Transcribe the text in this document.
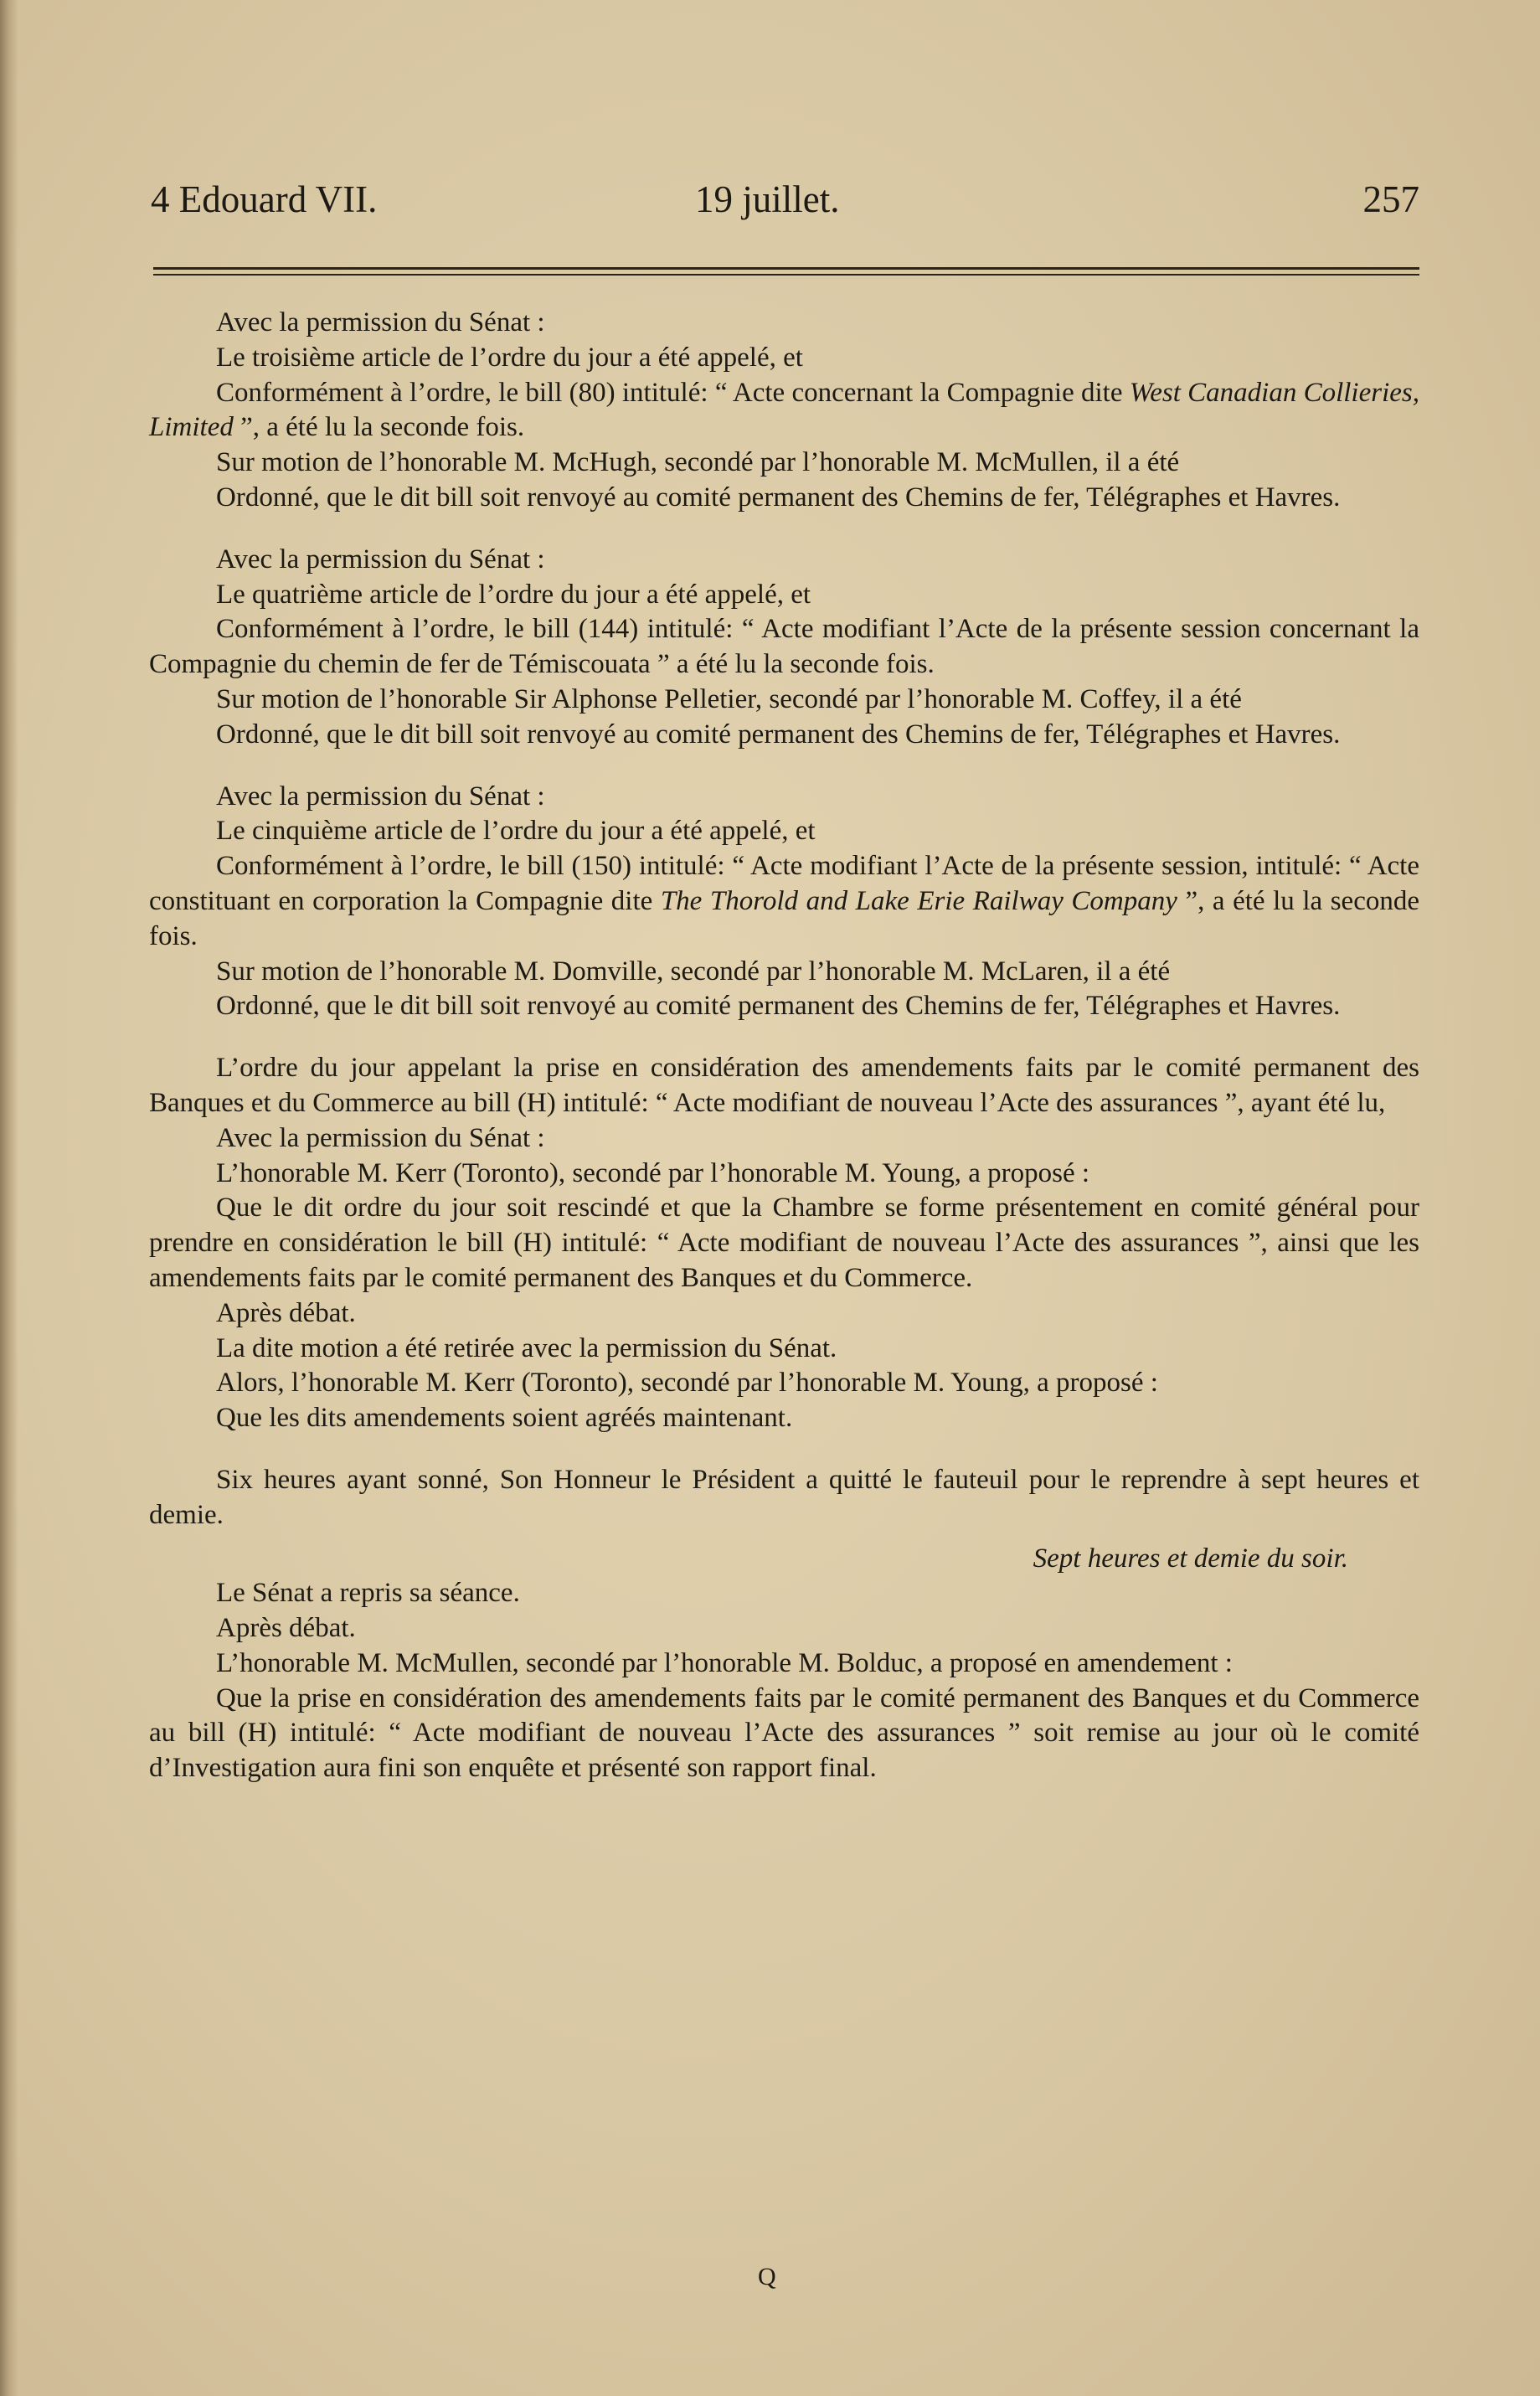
4 Edouard VII.	19 juillet.	257

Avec la permission du Sénat :

Le troisième article de l’ordre du jour a été appelé, et

Conformément à l’ordre, le bill (80) intitulé: “ Acte concernant la Compagnie dite West Canadian Collieries, Limited ”, a été lu la seconde fois.

Sur motion de l’honorable M. McHugh, secondé par l’honorable M. McMullen, il a été

Ordonné, que le dit bill soit renvoyé au comité permanent des Chemins de fer, Télégraphes et Havres.

Avec la permission du Sénat :

Le quatrième article de l’ordre du jour a été appelé, et

Conformément à l’ordre, le bill (144) intitulé: “ Acte modifiant l’Acte de la présente session concernant la Compagnie du chemin de fer de Témiscouata ” a été lu la seconde fois.

Sur motion de l’honorable Sir Alphonse Pelletier, secondé par l’honorable M. Coffey, il a été

Ordonné, que le dit bill soit renvoyé au comité permanent des Chemins de fer, Télégraphes et Havres.

Avec la permission du Sénat :

Le cinquième article de l’ordre du jour a été appelé, et

Conformément à l’ordre, le bill (150) intitulé: “ Acte modifiant l’Acte de la présente session, intitulé: “ Acte constituant en corporation la Compagnie dite The Thorold and Lake Erie Railway Company ”, a été lu la seconde fois.

Sur motion de l’honorable M. Domville, secondé par l’honorable M. McLaren, il a été

Ordonné, que le dit bill soit renvoyé au comité permanent des Chemins de fer, Télégraphes et Havres.

L’ordre du jour appelant la prise en considération des amendements faits par le comité permanent des Banques et du Commerce au bill (H) intitulé: “ Acte modifiant de nouveau l’Acte des assurances ”, ayant été lu,

Avec la permission du Sénat :

L’honorable M. Kerr (Toronto), secondé par l’honorable M. Young, a proposé :

Que le dit ordre du jour soit rescindé et que la Chambre se forme présentement en comité général pour prendre en considération le bill (H) intitulé: “ Acte modifiant de nouveau l’Acte des assurances ”, ainsi que les amendements faits par le comité permanent des Banques et du Commerce.

Après débat.

La dite motion a été retirée avec la permission du Sénat.

Alors, l’honorable M. Kerr (Toronto), secondé par l’honorable M. Young, a proposé :

Que les dits amendements soient agréés maintenant.

Six heures ayant sonné, Son Honneur le Président a quitté le fauteuil pour le reprendre à sept heures et demie.

Sept heures et demie du soir.

Le Sénat a repris sa séance.

Après débat.

L’honorable M. McMullen, secondé par l’honorable M. Bolduc, a proposé en amendement :

Que la prise en considération des amendements faits par le comité permanent des Banques et du Commerce au bill (H) intitulé: “ Acte modifiant de nouveau l’Acte des assurances ” soit remise au jour où le comité d’Investigation aura fini son enquête et présenté son rapport final.

Q
